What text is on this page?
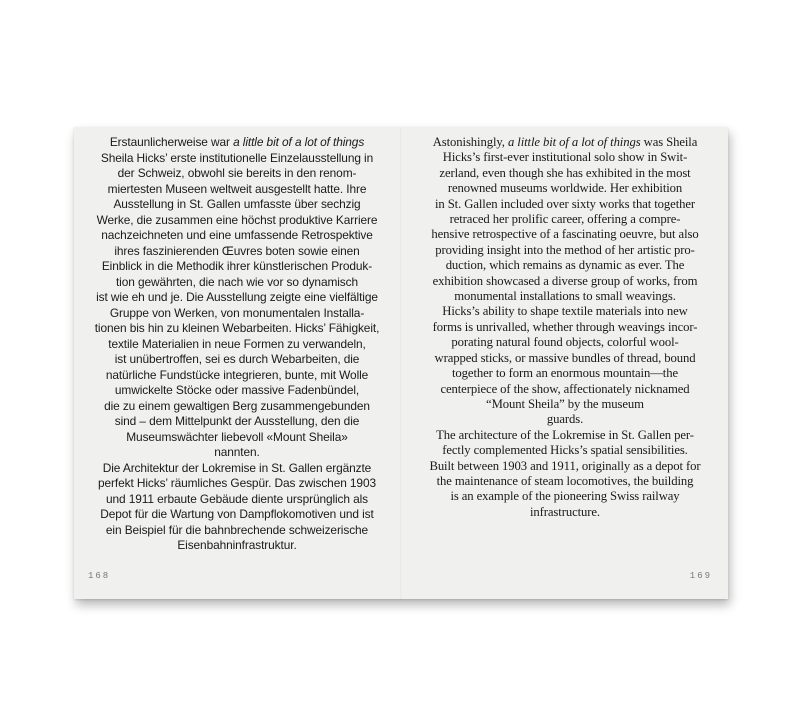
Erstaunlicherweise war a little bit of a lot of things
Sheila Hicks’ erste institutionelle Einzelausstellung in
der Schweiz, obwohl sie bereits in den renom-
miertesten Museen weltweit ausgestellt hatte. Ihre
Ausstellung in St. Gallen umfasste über sechzig
Werke, die zusammen eine höchst produktive Karriere
nachzeichneten und eine umfassende Retrospektive
ihres faszinierenden Œuvres boten sowie einen
Einblick in die Methodik ihrer künstlerischen Produk-
tion gewährten, die nach wie vor so dynamisch
ist wie eh und je. Die Ausstellung zeigte eine vielfältige
Gruppe von Werken, von monumentalen Installa-
tionen bis hin zu kleinen Webarbeiten. Hicks’ Fähigkeit,
textile Materialien in neue Formen zu verwandeln,
ist unübertroffen, sei es durch Webarbeiten, die
natürliche Fundstücke integrieren, bunte, mit Wolle
umwickelte Stöcke oder massive Fadenbündel,
die zu einem gewaltigen Berg zusammengebunden
sind – dem Mittelpunkt der Ausstellung, den die
Museumswächter liebevoll «Mount Sheila»
nannten.
Die Architektur der Lokremise in St. Gallen ergänzte
perfekt Hicks’ räumliches Gespür. Das zwischen 1903
und 1911 erbaute Gebäude diente ursprünglich als
Depot für die Wartung von Dampflokomotiven und ist
ein Beispiel für die bahnbrechende schweizerische
Eisenbahninfrastruktur.
Astonishingly, a little bit of a lot of things was Sheila
Hicks’s first-ever institutional solo show in Swit-
zerland, even though she has exhibited in the most
renowned museums worldwide. Her exhibition
in St. Gallen included over sixty works that together
retraced her prolific career, offering a compre-
hensive retrospective of a fascinating oeuvre, but also
providing insight into the method of her artistic pro-
duction, which remains as dynamic as ever. The
exhibition showcased a diverse group of works, from
monumental installations to small weavings.
Hicks’s ability to shape textile materials into new
forms is unrivalled, whether through weavings incor-
porating natural found objects, colorful wool-
wrapped sticks, or massive bundles of thread, bound
together to form an enormous mountain—the
centerpiece of the show, affectionately nicknamed
“Mount Sheila” by the museum
guards.
The architecture of the Lokremise in St. Gallen per-
fectly complemented Hicks’s spatial sensibilities.
Built between 1903 and 1911, originally as a depot for
the maintenance of steam locomotives, the building
is an example of the pioneering Swiss railway
infrastructure.
168	169
